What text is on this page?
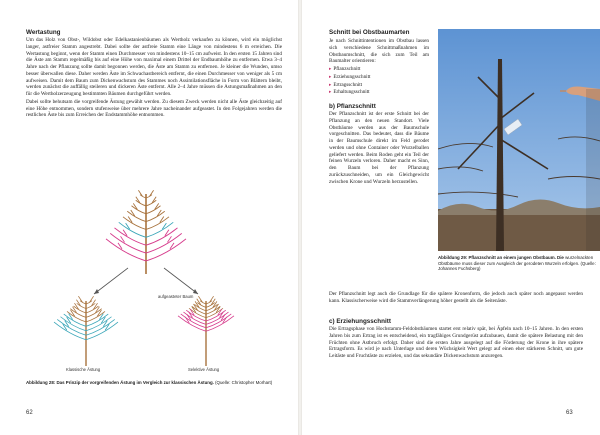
Wertastung

Um das Holz von Obst-, Wildobst oder Edelkastanienbäumen als Wertholz verkaufen zu können, wird ein möglichst langer, astfreier Stamm angestrebt. Dabei sollte der astfreie Stamm eine Länge von mindestens 6 m erreichen. Die Wertastung beginnt, wenn der Stamm einen Durchmesser von mindestens 10–15 cm aufweist. In den ersten 15 Jahren sind die Äste am Stamm regelmäßig bis auf eine Höhe von maximal einem Drittel der Endbaumhöhe zu entfernen. Etwa 3–4 Jahre nach der Pflanzung sollte damit begonnen werden, die Äste am Stamm zu entfernen. Je kleiner die Wunden, umso besser überwallen diese. Daher werden Äste im Schwachastbereich entfernt, die einen Durchmesser von weniger als 5 cm aufweisen. Damit dem Baum zum Dickenwachstum des Stammes noch Assimilationsfläche in Form von Blättern bleibt, werden zunächst die auffällig steileren und dickeren Äste entfernt. Alle 2–4 Jahre müssen die Astungsmaßnahmen an den für die Wertholzerzeugung bestimmten Bäumen durchgeführt werden.

Dabei sollte behutsam die vorgreifende Ästung gewählt werden. Zu diesem Zweck werden nicht alle Äste gleichzeitig auf eine Höhe entnommen, sondern stufenweise über mehrere Jahre nacheinander aufgeastet. In den Folgejahren werden die restlichen Äste bis zum Erreichen der Endstammhöhe entnommen.

aufgeasteter Baum
Klassische Ästung	Selektive Ästung
Abbildung 28: Das Prinzip der vorgreifenden Ästung im Vergleich zur klassischen Ästung. (Quelle: Christopher Morhart)
62
Schnitt bei Obstbaumarten

Je nach Schnittintentionen im Obstbau lassen sich verschiedene Schnittmaßnahmen im Obstbaumschnitt, die sich zum Teil am Baumalter orientieren:

▸ Pflanzschnitt
▸ Erziehungsschnitt
▸ Ertragsschnitt
▸ Erhaltungsschnitt
b) Pflanzschnitt

Der Pflanzschnitt ist der erste Schnitt bei der Pflanzung an den neuen Standort. Viele Obstbäume werden aus der Baumschule vorgeschnitten. Das bedeutet, dass die Bäume in der Baumschule direkt im Feld gerodet werden und ohne Container oder Wurzelballen geliefert werden. Beim Roden geht ein Teil der feinen Wurzeln verloren. Daher macht es Sinn, den Baum bei der Pflanzung zurückzuschneiden, um ein Gleichgewicht zwischen Krone und Wurzeln herzustellen.

Abbildung 29: Pflanzschnitt an einem jungen Obstbaum. Die wurzelnackten Obstbäume muss dieser zum Ausgleich der gerodeten Wurzeln erfolgen. (Quelle: Johannes Fuchsberg)

Der Pflanzschnitt legt auch die Grundlage für die spätere Kronenform, die jedoch auch später noch angepasst werden kann. Klassischerweise wird die Stammverlängerung höher gestellt als die Seitenäste.

c) Erziehungsschnitt

Die Ertragsphase von Hochstamm-Feldobstbäumen startet erst relativ spät, bei Äpfeln nach 10–15 Jahren. In den ersten Jahren bis zum Ertrag ist es entscheidend, ein tragfähiges Grundgerüst aufzubauen, damit die spätere Belastung mit den Früchten ohne Astbruch erfolgt. Daher sind die ersten Jahre ausgelegt auf die Förderung der Krone in ihre spätere Ertragsform. Es wird je nach Unterlage und deren Wüchsigkeit Wert gelegt auf einen eher stärkeren Schnitt, um gute Leitäste und Fruchtäste zu erzielen, und das sekundäre Dickenwachstum anzuregen.

63
